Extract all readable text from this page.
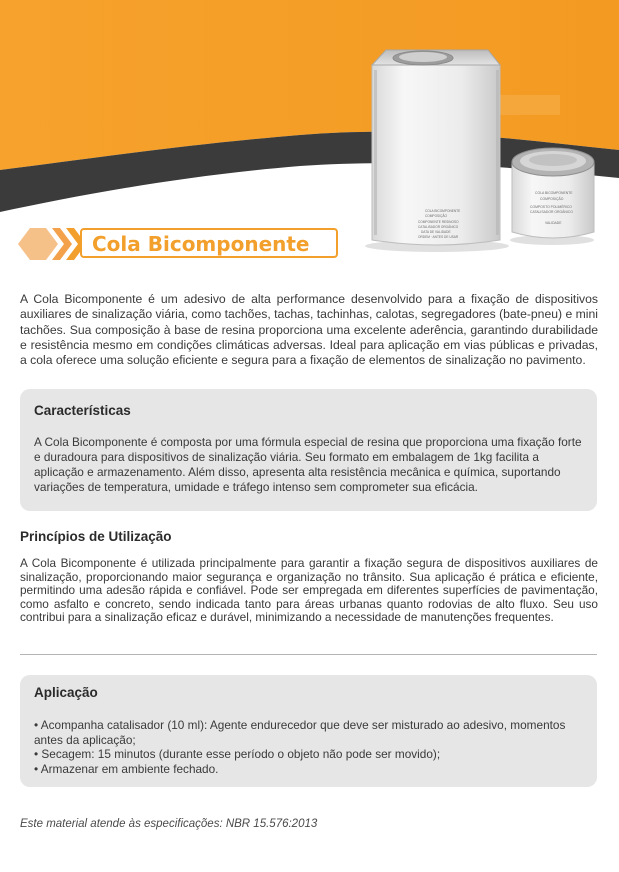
COLA BICOMPONENTE
COMPOSIÇÃO
COMPONENTE RESINOSO
CATALISADOR ORGÂNICO
DATA DE VALIDADE
ORDEM · ANTES DE USAR
COLA BICOMPONENTE
COMPOSIÇÃO
COMPOSTO POLIMÉRICO
CATALISADOR ORGÂNICO
VALIDADE
Cola Bicomponente

A Cola Bicomponente é um adesivo de alta performance desenvolvido para a fixação de dispositivos auxiliares de sinalização viária, como tachões, tachas, tachinhas, calotas, segregadores (bate-pneu) e mini tachões. Sua composição à base de resina proporciona uma excelente aderência, garantindo durabilidade e resistência mesmo em condições climáticas adversas. Ideal para aplicação em vias públicas e privadas, a cola oferece uma solução eficiente e segura para a fixação de elementos de sinalização no pavimento.

Características

A Cola Bicomponente é composta por uma fórmula especial de resina que proporciona uma fixação forte e duradoura para dispositivos de sinalização viária. Seu formato em embalagem de 1kg facilita a aplicação e armazenamento. Além disso, apresenta alta resistência mecânica e química, suportando variações de temperatura, umidade e tráfego intenso sem comprometer sua eficácia.

Princípios de Utilização

A Cola Bicomponente é utilizada principalmente para garantir a fixação segura de dispositivos auxiliares de sinalização, proporcionando maior segurança e organização no trânsito. Sua aplicação é prática e eficiente, permitindo uma adesão rápida e confiável. Pode ser empregada em diferentes superfícies de pavimentação, como asfalto e concreto, sendo indicada tanto para áreas urbanas quanto rodovias de alto fluxo. Seu uso contribui para a sinalização eficaz e durável, minimizando a necessidade de manutenções frequentes.

Aplicação
• Acompanha catalisador (10 ml): Agente endurecedor que deve ser misturado ao adesivo, momentos antes da aplicação;
• Secagem: 15 minutos (durante esse período o objeto não pode ser movido);
• Armazenar em ambiente fechado.

Este material atende às especificações: NBR 15.576:2013
